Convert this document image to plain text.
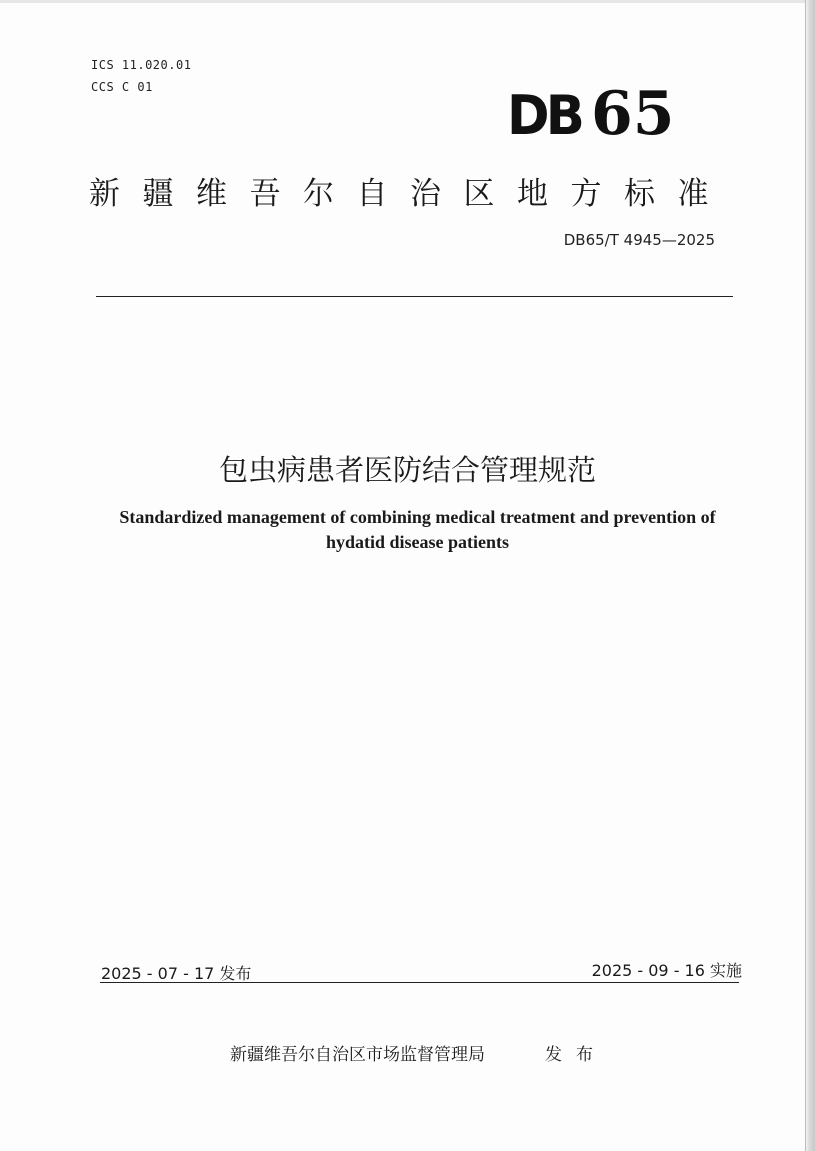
ICS 11.020.01
CCS C 01	DB 65
新疆维吾尔自治区地方标准
DB65/T 4945—2025
包虫病患者医防结合管理规范
Standardized management of combining medical treatment and prevention of hydatid disease patients
2025 - 07 - 17 发布	2025 - 09 - 16 实施
新疆维吾尔自治区市场监督管理局	发布
